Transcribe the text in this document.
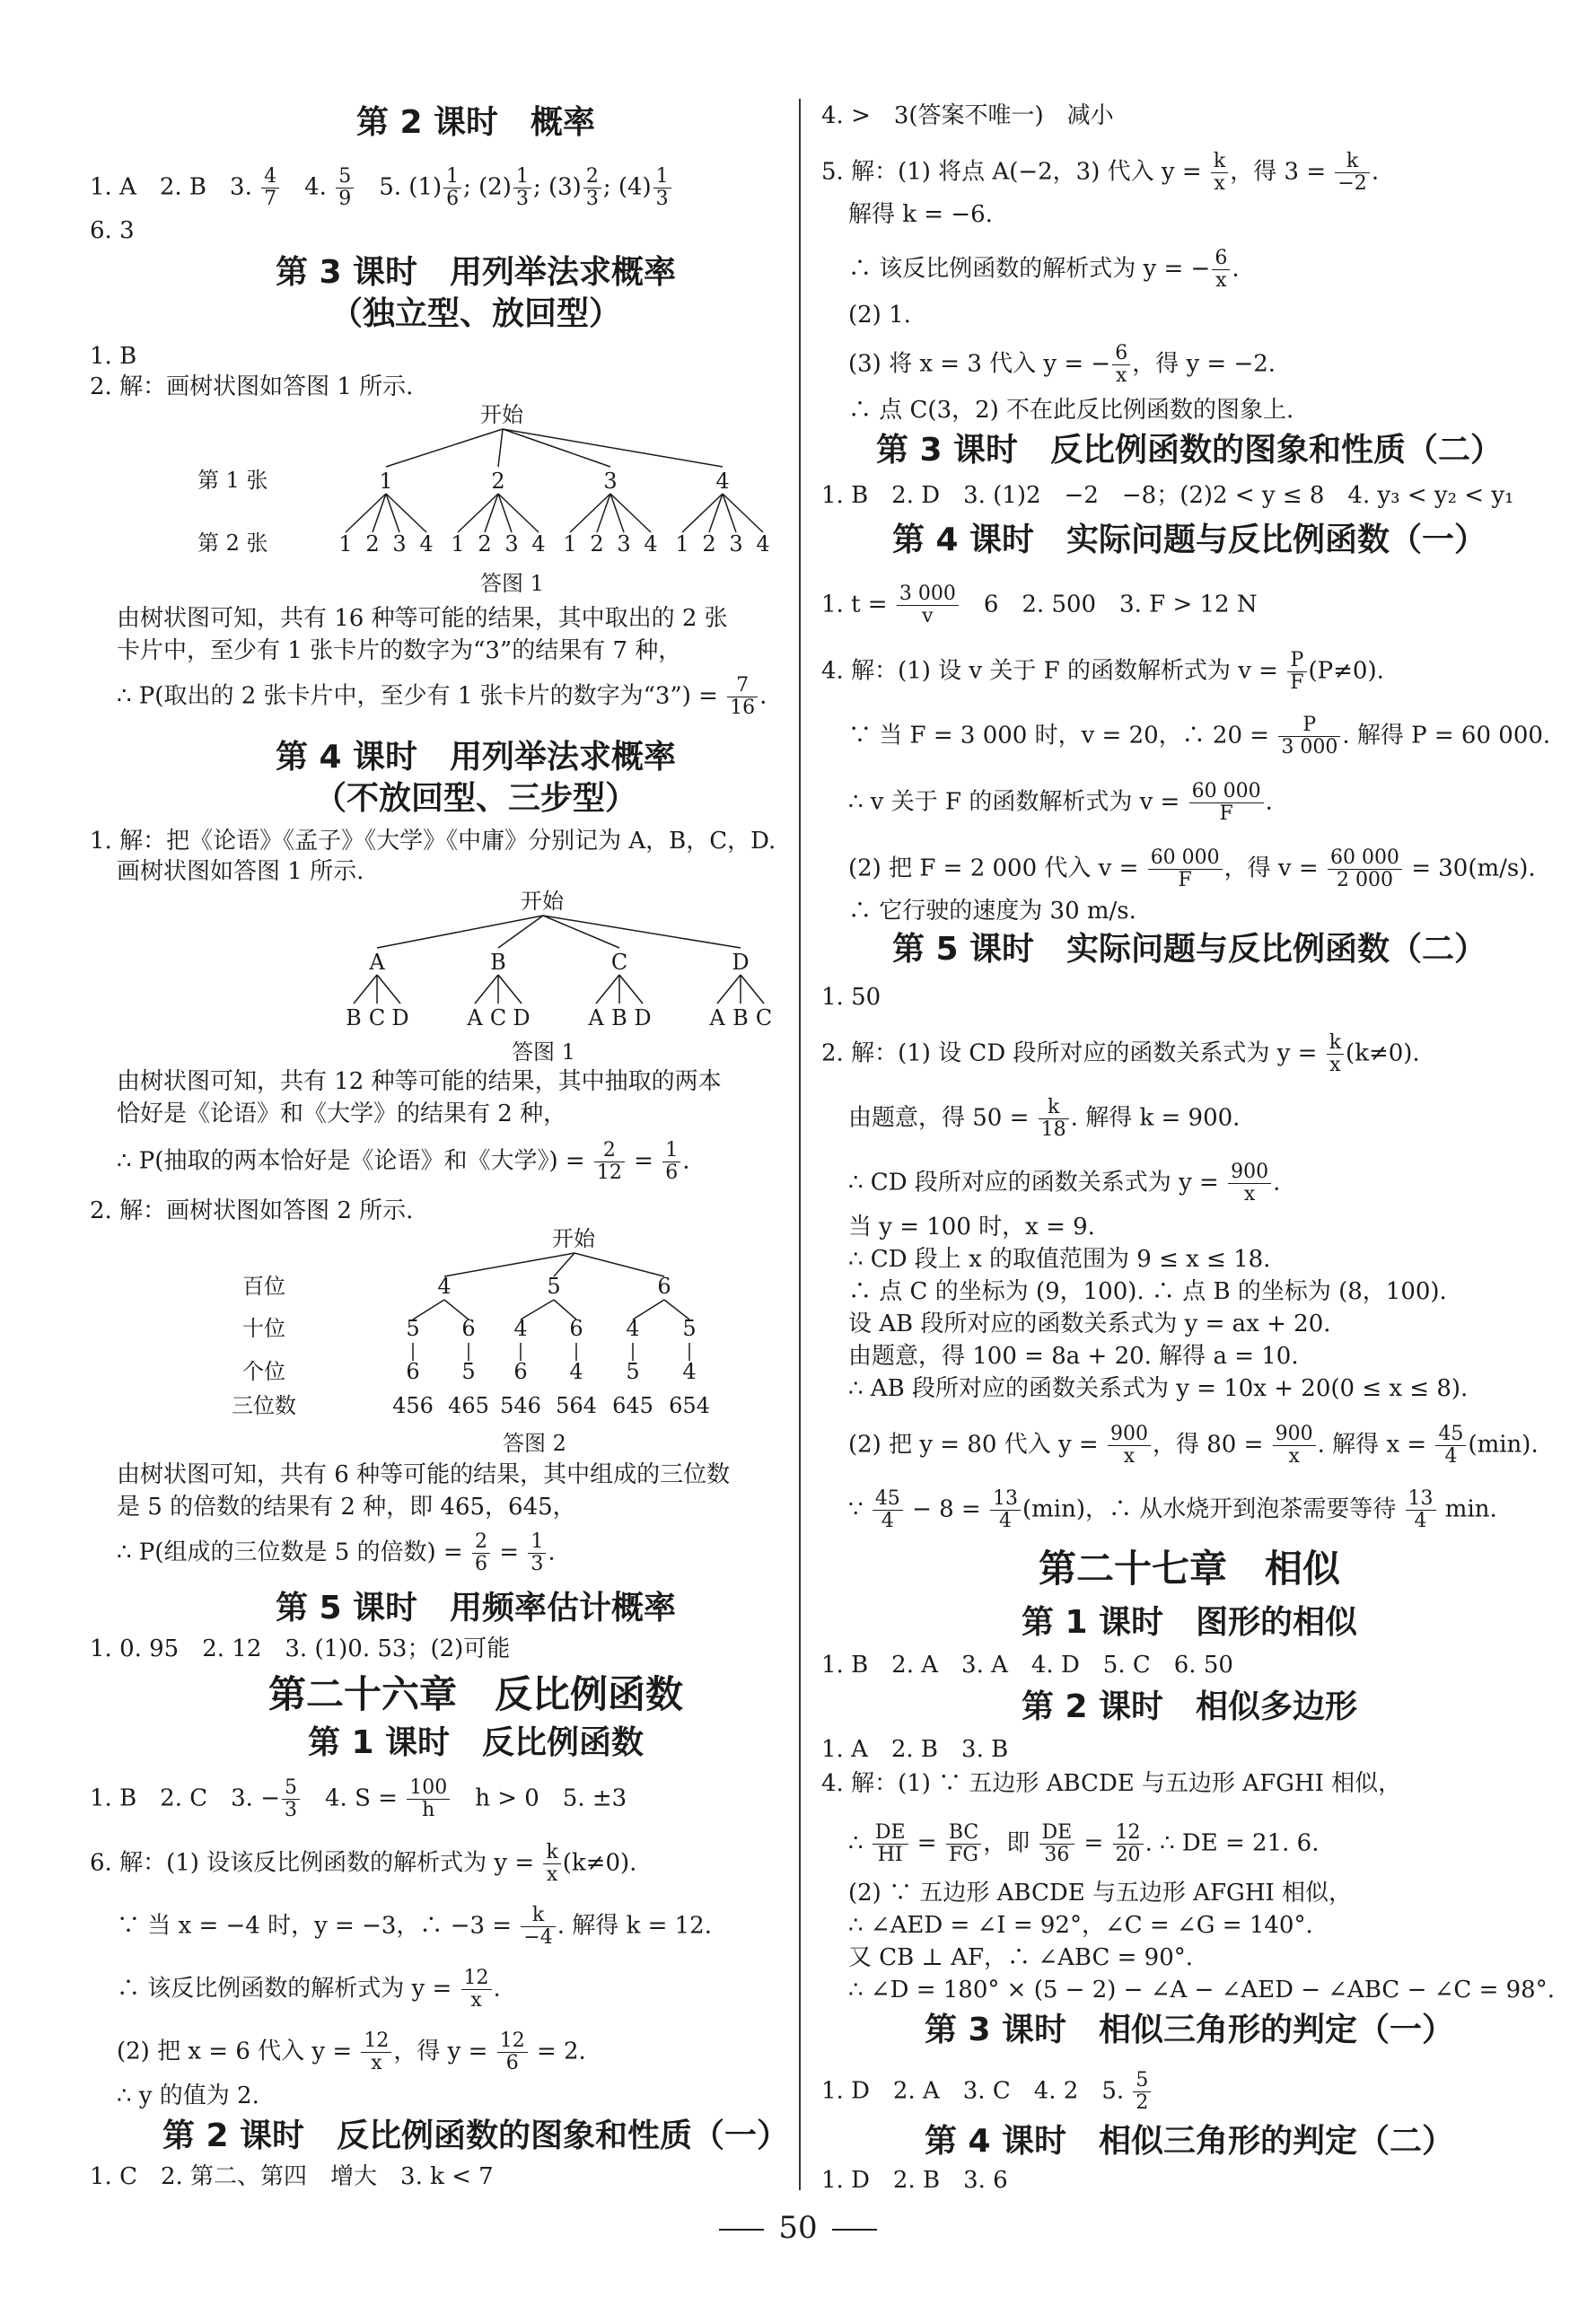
第 2 课时　概率
1. A　2. B　3. $\frac{4}{7}$ 　4. $\frac{5}{9}$ 　5. $(1) \frac{1}{6}$ ; $(2) \frac{1}{3}$ ; $(3) \frac{2}{3}$ ; $(4) \frac{1}{3}$
6. 3
第 3 课时　用列举法求概率
（独立型、放回型）
1. B
2. 解：画树状图如答图 1 所示.
开始
第 1 张
第 2 张
1
1 2 3 4
2
1 2 3 4
3
1 2 3 4
4
1 2 3 4
答图 1
由树状图可知，共有 16 种等可能的结果，其中取出的 2 张
卡片中，至少有 1 张卡片的数字为“3”的结果有 7 种，
∴ P(取出的 2 张卡片中，至少有 1 张卡片的数字为“3”) = $\frac{7}{16}$ .
第 4 课时　用列举法求概率
（不放回型、三步型）
1. 解：把《论语》《孟子》《大学》《中庸》分别记为 A，B，C，D.
画树状图如答图 1 所示.
开始
A
B C D
B
A C D
C
A B D
D
A B C
答图 1
由树状图可知，共有 12 种等可能的结果，其中抽取的两本
恰好是《论语》和《大学》的结果有 2 种，
∴ P(抽取的两本恰好是《论语》和《大学》) = $\frac{2}{12} = \frac{1}{6}$ .
2. 解：画树状图如答图 2 所示.
开始
百位
十位
个位
三位数
4	5	6
5
6
456
6
5
465
4
6
546
6
4
564
4
5
645
5
4
654
答图 2
由树状图可知，共有 6 种等可能的结果，其中组成的三位数
是 5 的倍数的结果有 2 种，即 465，645，
∴ P(组成的三位数是 5 的倍数) = $\frac{2}{6} = \frac{1}{3}$ .
第 5 课时　用频率估计概率
1. 0. 95　2. 12　3. (1)0. 53；(2)可能
第二十六章　反比例函数
第 1 课时　反比例函数
1. B　2. C　3. − $\frac{5}{3}$ 　4. $S = \frac{100}{h}$ 　h > 0　5. ±3
6. 解：(1) 设该反比例函数的解析式为 $y = \frac{k}{x} (k\ne 0)$.
∵ 当 x = −4 时，y = −3，∴ $-3 = \frac{k}{-4}$ . 解得 k = 12.
∴ 该反比例函数的解析式为 $y = \frac{12}{x}$ .
(2) 把 x = 6 代入 $y = \frac{12}{x}$ ，得 $y = \frac{12}{6} = 2$.
∴ y 的值为 2.
第 2 课时　反比例函数的图象和性质（一）
1. C　2. 第二、第四　增大　3. k < 7
4. >　3(答案不唯一)　减小
5. 解：(1) 将点 A(−2，3) 代入 $y = \frac{k}{x}$ ，得 $3 = \frac{k}{-2}$ .
解得 k = −6.
∴ 该反比例函数的解析式为 y = − $\frac{6}{x}$ .
(2) 1.
(3) 将 x = 3 代入 y = − $\frac{6}{x}$ ，得 y = −2.
∴ 点 C(3，2) 不在此反比例函数的图象上.
第 3 课时　反比例函数的图象和性质（二）
1. B　2. D　3. (1)2　−2　−8；(2)2 < y ≤ 8　4. y₃ < y₂ < y₁
第 4 课时　实际问题与反比例函数（一）
1. $t = \frac{3 000}{v}$ 　6　2. 500　3. F > 12 N
4. 解：(1) 设 v 关于 F 的函数解析式为 $v = \frac{P}{F} (P\ne 0)$.
∵ 当 F = 3 000 时，v = 20，∴ $20 = \frac{P}{3 000}$ . 解得 P = 60 000.
∴ v 关于 F 的函数解析式为 $v = \frac{60 000}{F}$ .
(2) 把 F = 2 000 代入 $v = \frac{60 000}{F}$ ，得 $v = \frac{60 000}{2 000} = 30(m/s)$.
∴ 它行驶的速度为 30 m/s.
第 5 课时　实际问题与反比例函数（二）
1. 50
2. 解：(1) 设 CD 段所对应的函数关系式为 $y = \frac{k}{x} (k\ne 0)$.
由题意，得 $50 = \frac{k}{18}$ . 解得 k = 900.
∴ CD 段所对应的函数关系式为 $y = \frac{900}{x}$ .
当 y = 100 时，x = 9.
∴ CD 段上 x 的取值范围为 9 ≤ x ≤ 18.
∴ 点 C 的坐标为 (9，100). ∴ 点 B 的坐标为 (8，100).
设 AB 段所对应的函数关系式为 y = ax + 20.
由题意，得 100 = 8a + 20. 解得 a = 10.
∴ AB 段所对应的函数关系式为 y = 10x + 20(0 ≤ x ≤ 8).
(2) 把 y = 80 代入 $y = \frac{900}{x}$ ，得 $80 = \frac{900}{x}$ . 解得 $x = \frac{45}{4} (\min)$.
∵ $\frac{45}{4} - 8 = \frac{13}{4} (\min)$，∴ 从水烧开到泡茶需要等待 $\frac{13}{4} \min$.
第二十七章　相似
第 1 课时　图形的相似
1. B　2. A　3. A　4. D　5. C　6. 50
第 2 课时　相似多边形
1. A　2. B　3. B
4. 解：(1) ∵ 五边形 ABCDE 与五边形 AFGHI 相似，
∴ $\frac{DE}{HI} = \frac{BC}{FG}$ ，即 $\frac{DE}{36} = \frac{12}{20}$ . ∴ DE = 21. 6.
(2) ∵ 五边形 ABCDE 与五边形 AFGHI 相似，
∴ ∠AED = ∠I = 92°，∠C = ∠G = 140°.
又 CB ⊥ AF，∴ ∠ABC = 90°.
∴ ∠D = 180° × (5 − 2) − ∠A − ∠AED − ∠ABC − ∠C = 98°.
第 3 课时　相似三角形的判定（一）
1. D　2. A　3. C　4. 2　5. $\frac{5}{2}$
第 4 课时　相似三角形的判定（二）
1. D　2. B　3. 6
50
